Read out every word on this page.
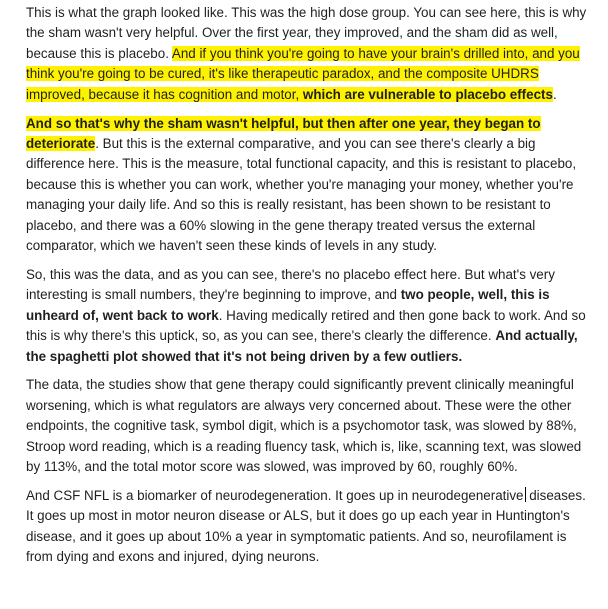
This is what the graph looked like. This was the high dose group. You can see here, this is why the sham wasn't very helpful. Over the first year, they improved, and the sham did as well, because this is placebo. And if you think you're going to have your brain's drilled into, and you think you're going to be cured, it's like therapeutic paradox, and the composite UHDRS improved, because it has cognition and motor, which are vulnerable to placebo effects.

And so that's why the sham wasn't helpful, but then after one year, they began to deteriorate. But this is the external comparative, and you can see there's clearly a big difference here. This is the measure, total functional capacity, and this is resistant to placebo, because this is whether you can work, whether you're managing your money, whether you're managing your daily life. And so this is really resistant, has been shown to be resistant to placebo, and there was a 60% slowing in the gene therapy treated versus the external comparator, which we haven't seen these kinds of levels in any study.

So, this was the data, and as you can see, there's no placebo effect here. But what's very interesting is small numbers, they're beginning to improve, and two people, well, this is unheard of, went back to work. Having medically retired and then gone back to work. And so this is why there's this uptick, so, as you can see, there's clearly the difference. And actually, the spaghetti plot showed that it's not being driven by a few outliers.

The data, the studies show that gene therapy could significantly prevent clinically meaningful worsening, which is what regulators are always very concerned about. These were the other endpoints, the cognitive task, symbol digit, which is a psychomotor task, was slowed by 88%, Stroop word reading, which is a reading fluency task, which is, like, scanning text, was slowed by 113%, and the total motor score was slowed, was improved by 60, roughly 60%.

And CSF NFL is a biomarker of neurodegeneration. It goes up in neurodegenerative diseases. It goes up most in motor neuron disease or ALS, but it does go up each year in Huntington's disease, and it goes up about 10% a year in symptomatic patients. And so, neurofilament is from dying and exons and injured, dying neurons.
